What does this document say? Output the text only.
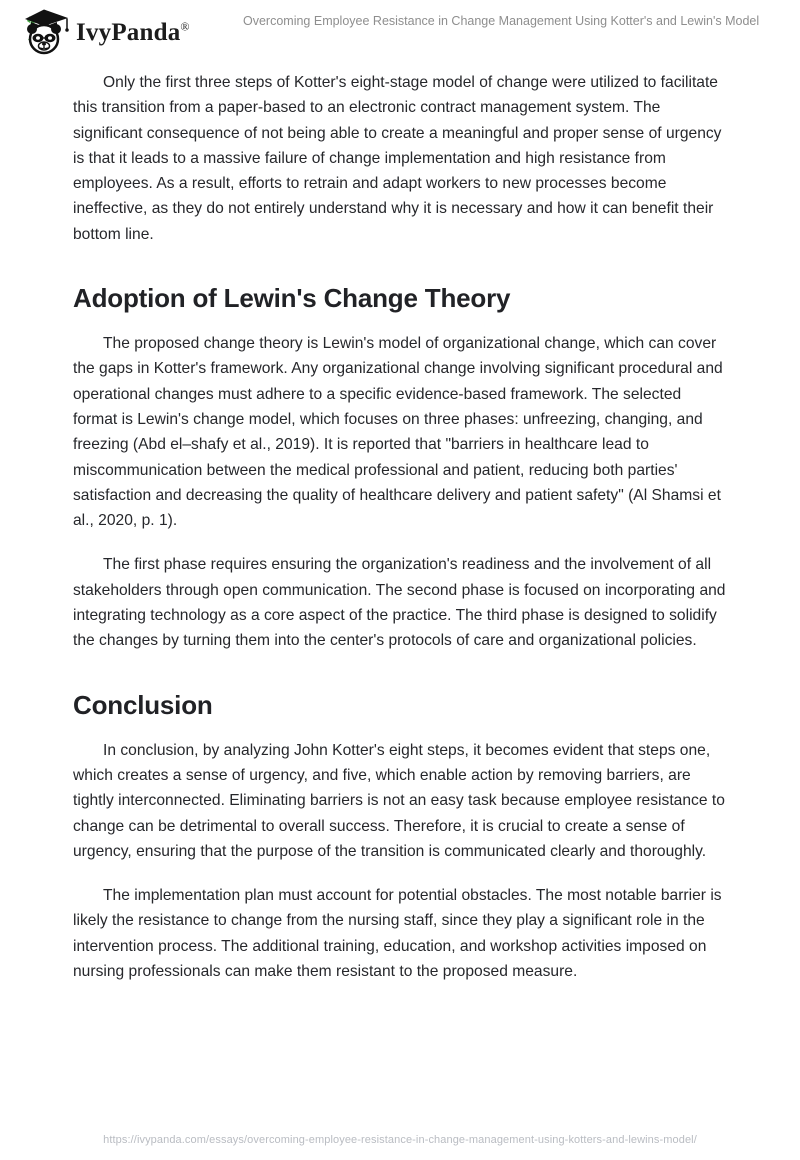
IvyPanda®	Overcoming Employee Resistance in Change Management Using Kotter's and Lewin's Model

Only the first three steps of Kotter's eight-stage model of change were utilized to facilitate this transition from a paper-based to an electronic contract management system. The significant consequence of not being able to create a meaningful and proper sense of urgency is that it leads to a massive failure of change implementation and high resistance from employees. As a result, efforts to retrain and adapt workers to new processes become ineffective, as they do not entirely understand why it is necessary and how it can benefit their bottom line.

Adoption of Lewin's Change Theory

The proposed change theory is Lewin's model of organizational change, which can cover the gaps in Kotter's framework. Any organizational change involving significant procedural and operational changes must adhere to a specific evidence-based framework. The selected format is Lewin's change model, which focuses on three phases: unfreezing, changing, and freezing (Abd el–shafy et al., 2019). It is reported that "barriers in healthcare lead to miscommunication between the medical professional and patient, reducing both parties' satisfaction and decreasing the quality of healthcare delivery and patient safety" (Al Shamsi et al., 2020, p. 1).

The first phase requires ensuring the organization's readiness and the involvement of all stakeholders through open communication. The second phase is focused on incorporating and integrating technology as a core aspect of the practice. The third phase is designed to solidify the changes by turning them into the center's protocols of care and organizational policies.

Conclusion

In conclusion, by analyzing John Kotter's eight steps, it becomes evident that steps one, which creates a sense of urgency, and five, which enable action by removing barriers, are tightly interconnected. Eliminating barriers is not an easy task because employee resistance to change can be detrimental to overall success. Therefore, it is crucial to create a sense of urgency, ensuring that the purpose of the transition is communicated clearly and thoroughly.

The implementation plan must account for potential obstacles. The most notable barrier is likely the resistance to change from the nursing staff, since they play a significant role in the intervention process. The additional training, education, and workshop activities imposed on nursing professionals can make them resistant to the proposed measure.

https://ivypanda.com/essays/overcoming-employee-resistance-in-change-management-using-kotters-and-lewins-model/
